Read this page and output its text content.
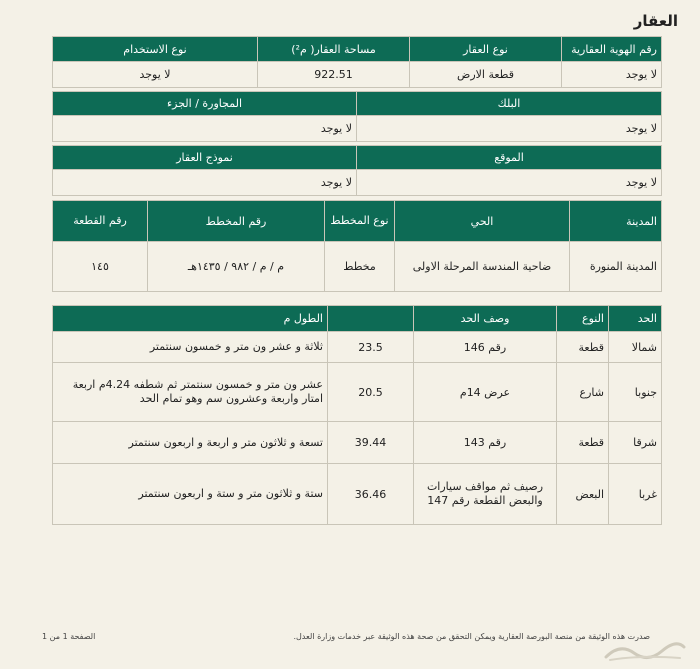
العقار
رقم الهوية العقارية	نوع العقار	مساحة العقار( م²)	نوع الاستخدام
لا يوجد	قطعة الارض	922.51	لا يوجد
البلك	المجاورة / الجزء
لا يوجد	لا يوجد
الموقع	نموذج العقار
لا يوجد	لا يوجد
المدينة	الحي	نوع المخطط	رقم المخطط	رقم القطعة
المدينة المنورة	ضاحية المندسة المرحلة الاولى	مخطط	م / م / ٩٨٢ / ١٤٣٥هـ	١٤٥
الحد	النوع	وصف الحد		الطول م
شمالا	قطعة	رقم 146	23.5	ثلاثة و عشر ون متر و خمسون سنتمتر
جنوبا	شارع	عرض 14م	20.5	عشر ون متر و خمسون سنتمتر ثم شطفه 4.24م اربعة امتار واربعة وعشرون سم وهو تمام الحد
شرقا	قطعة	رقم 143	39.44	تسعة و ثلاثون متر و اربعة و اربعون سنتمتر
غربا	البعض	رصيف ثم مواقف سيارات والبعض القطعة رقم 147	36.46	ستة و ثلاثون متر و ستة و اربعون سنتمتر
صدرت هذه الوثيقة من منصة البورصة العقارية ويمكن التحقق من صحة هذه الوثيقة عبر خدمات وزارة العدل.
الصفحة 1 من 1
